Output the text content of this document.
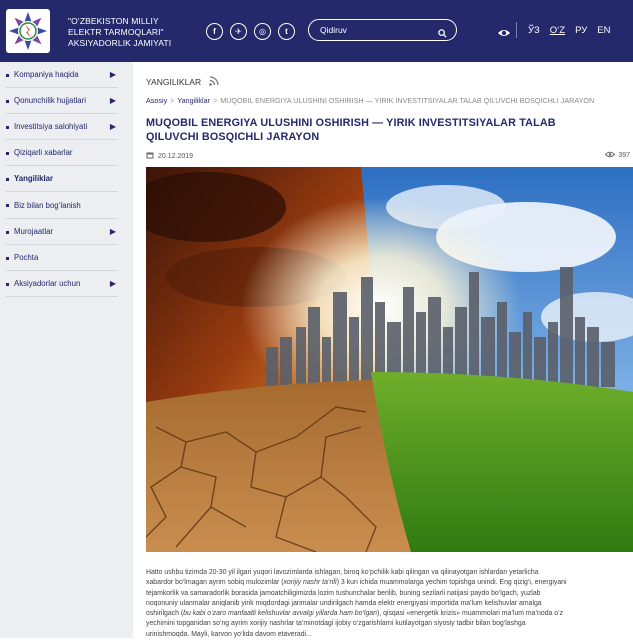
"O‘ZBEKISTON MILLIY
ELEKTR TARMOQLARI"
AKSIYADORLIK JAMIYATI
f	✈	◎	t
Qidiruv	ЎЗ O‘Z РУ EN
Kompaniya haqida	▶
Qonunchilik hujjatlari	▶
Investitsiya salohiyati	▶
Qiziqarli xabarlar
Yangiliklar
Biz bilan bog‘lanish
Murojaatlar	▶
Pochta
Aksiyadorlar uchun	▶
YANGILIKLAR
Asosiy > Yangiliklar > MUQOBIL ENERGIYA ULUSHINI OSHIRISH — YIRIK INVESTITSIYALAR TALAB QILUVCHI BOSQICHLI JARAYON
MUQOBIL ENERGIYA ULUSHINI OSHIRISH — YIRIK INVESTITSIYALAR TALAB
QILUVCHI BOSQICHLI JARAYON
20.12.2019	397
Hatto ushbu tizimda 20-30 yil ilgari yuqori lavozimlarda ishlagan, biroq ko‘pchilik kabi qilingan va qilinayotgan ishlardan yetarlicha
xabardor bo‘lmagan ayrim sobiq mulozimlar (xorijiy nashr ta’rifi) 3 kun ichida muammolarga yechim topishga unindi. Eng qizig‘i, energiyani
tejamkorlik va samaradorlik borasida jamoatchiligimizda lozim tushunchalar berilib, buning sezilarli natijasi paydo bo‘lgach, yuzlab
noqonuniy ulanmalar aniqlanib yirik miqdordagi jarimalar undirilgach hamda elektr energiyasi importida ma’lum kelishuvlar amalga
oshirilgach (bu kabi o‘zaro manfaatli kelishuvlar avvalgi yillarda ham bo‘lgan), qisqasi «energetik krizis» muammolari ma’lum ma’noda o‘z
yechimini topganidan so‘ng ayrim xorijiy nashrlar ta’minotdagi ijobiy o‘zgarishlarni kutilayotgan siyosiy tadbir bilan bog‘lashga
urinishmoqda. Mayli, karvon yo‘lida davom etaveradi...
